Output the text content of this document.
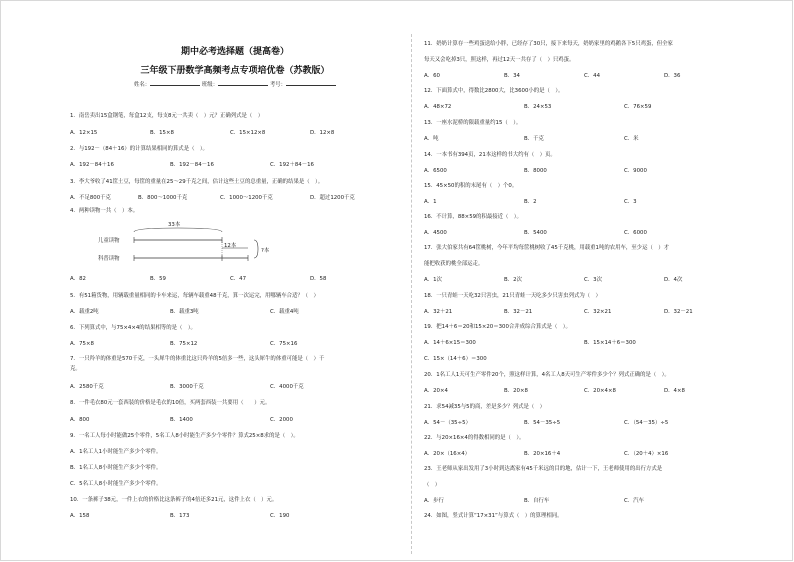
期中必考选择题（提高卷）
三年级下册数学高频考点专项培优卷（苏教版）
姓名：	班级：	考号：
1．南岳卖出15盒钢笔，每盒12支，每支8元一共卖（　）元？正确列式是（　）
A．12×15	B．15×8	C．15×12×8	D．12×8
2．与192－（84＋16）的计算结果相同的算式是（　）。
A．192－84＋16	B．192－84－16	C．192＋84－16
3．李大爷收了41筐土豆，每筐的重量在25～29千克之间，估计这些土豆的总重量，正确的结果是（　）。
A．不足800千克	B．800～1000千克	C．1000～1200千克	D．超过1200千克
4．两种读物一共（　）本。
33本
12本
?本
儿童读物
科普读物
A．82	B．59	C．47	D．58
5．有51箱货物，用辆载重量相同的卡车来运，每辆车载重48千克，算一次运完，用哪辆车合适？（　）
A．载重2吨	B．载重3吨	C．载重4吨
6．下列算式中，与75×4×4的结果相等的是（　）。
A．75×8	B．75×12	C．75×16
7．一只羚羊的体重是570千克，一头犀牛的体重比这只羚羊的5倍多一些，这头犀牛的体重可能是（　）千
克。
A．2580千克	B．3000千克	C．4000千克
8．一件毛衣80元一套西装的价格是毛衣的10倍，买两套西装一共要用（　　）元。
A．800	B．1400	C．2000
9．一名工人每小时能做25个零件，5名工人8小时能生产多少个零件？算式25×8求的是（　）。
A．1名工人1小时能生产多少个零件。
B．1名工人8小时能生产多少个零件。
C．5名工人8小时能生产多少个零件。
10．一条裤子38元，一件上衣的价格比这条裤子的4倍还多21元，这件上衣（　）元。
A．158	B．173	C．190
11．奶奶计算存一些鸡蛋送给小胖，已经存了30只，接下来每天，奶奶家里的鸡鹅各下5只鸡蛋，但全家
每天又会吃掉3只，照这样，再过12天一共存了（　）只鸡蛋。
A．60	B．34	C．44	D．36
12．下面算式中，得数比2800大，比3600小的是（　）。
A．48×72	B．24×53	C．76×59
13．一座水泥桥的限载重量约15（　）。
A．吨	B．千克	C．米
14．一本书有394页，21本这样的书大约有（　）页。
A．6500	B．8000	C．9000
15．45×50的积的末尾有（　）个0。
A．1	B．2	C．3
16．不计算，88×59的积最接近（　）。
A．4500	B．5400	C．6000
17．张大伯家共有64筐桃树，今年平均每筐桃树收了45千克桃，用载重1吨的农用车，至少运（　）才
能把收获的桃全部运走。
A．1次	B．2次	C．3次	D．4次
18．一只青蛙一天吃32只害虫，21只青蛙一天吃多少只害虫列式为（　）
A．32＋21	B．32－21	C．32×21	D．32－21
19．把14＋6＝20和15×20＝300合并成综合算式是（　）。
A．14＋6×15＝300	B．15×14＋6＝300
C．15×（14＋6）＝300
20．1名工人1天可生产零件20个，照这样计算，4名工人8天可生产零件多少个？列式正确的是（　）。
A．20×4	B．20×8	C．20×4×8	D．4×8
21．求54减35与5的商，差是多少？列式是（　）
A．54－（35÷5）	B．54－35÷5	C．（54－35）÷5
22．与20×16×4的得数相同的是（　）。
A．20×（16×4）	B．20×16＋4	C．（20＋4）×16
23．王老师从家出发用了3小时到达离家有45千米远的目的地，估计一下，王老师使用的出行方式是
（　）
A．步行	B．自行车	C．汽车
24．如图，竖式计算“17×31”与算式（　）的算理相同。
